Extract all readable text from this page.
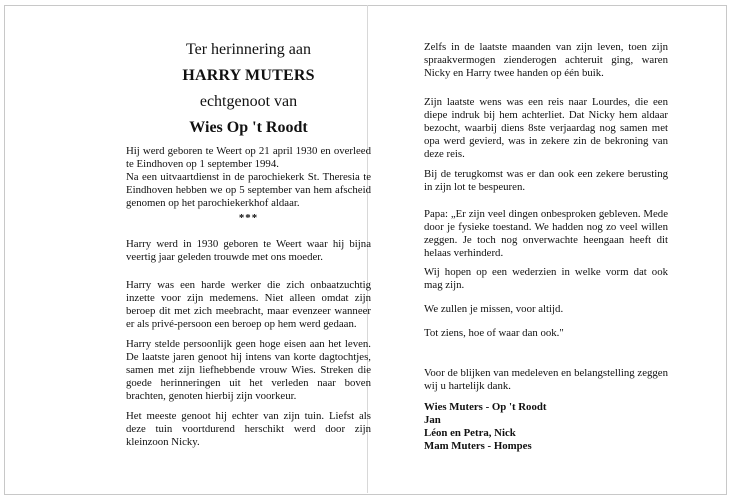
Ter herinnering aan

HARRY MUTERS

echtgenoot van

Wies Op 't Roodt

Hij werd geboren te Weert op 21 april 1930 en overleed te Eindhoven op 1 september 1994.

Na een uitvaartdienst in de parochiekerk St. Theresia te Eindhoven hebben we op 5 september van hem afscheid genomen op het parochiekerkhof aldaar.

***

Harry werd in 1930 geboren te Weert waar hij bijna veertig jaar geleden trouwde met ons moeder.

Harry was een harde werker die zich onbaatzuchtig inzette voor zijn medemens. Niet alleen omdat zijn beroep dit met zich meebracht, maar evenzeer wanneer er als privé-persoon een beroep op hem werd gedaan.

Harry stelde persoonlijk geen hoge eisen aan het leven. De laatste jaren genoot hij intens van korte dagtochtjes, samen met zijn liefhebbende vrouw Wies. Streken die goede herinneringen uit het verleden naar boven brachten, genoten hierbij zijn voorkeur.

Het meeste genoot hij echter van zijn tuin. Liefst als deze tuin voortdurend herschikt werd door zijn kleinzoon Nicky.

Zelfs in de laatste maanden van zijn leven, toen zijn spraakvermogen zienderogen achteruit ging, waren Nicky en Harry twee handen op één buik.

Zijn laatste wens was een reis naar Lourdes, die een diepe indruk bij hem achterliet. Dat Nicky hem aldaar bezocht, waarbij diens 8ste verjaardag nog samen met opa werd gevierd, was in zekere zin de bekroning van deze reis.

Bij de terugkomst was er dan ook een zekere berusting in zijn lot te bespeuren.

Papa: „Er zijn veel dingen onbesproken gebleven. Mede door je fysieke toestand. We hadden nog zo veel willen zeggen. Je toch nog onverwachte heengaan heeft dit helaas verhinderd.

Wij hopen op een wederzien in welke vorm dat ook mag zijn.

We zullen je missen, voor altijd.

Tot ziens, hoe of waar dan ook."

Voor de blijken van medeleven en belangstelling zeggen wij u hartelijk dank.

Wies Muters - Op 't Roodt

Jan

Léon en Petra, Nick

Mam Muters - Hompes
